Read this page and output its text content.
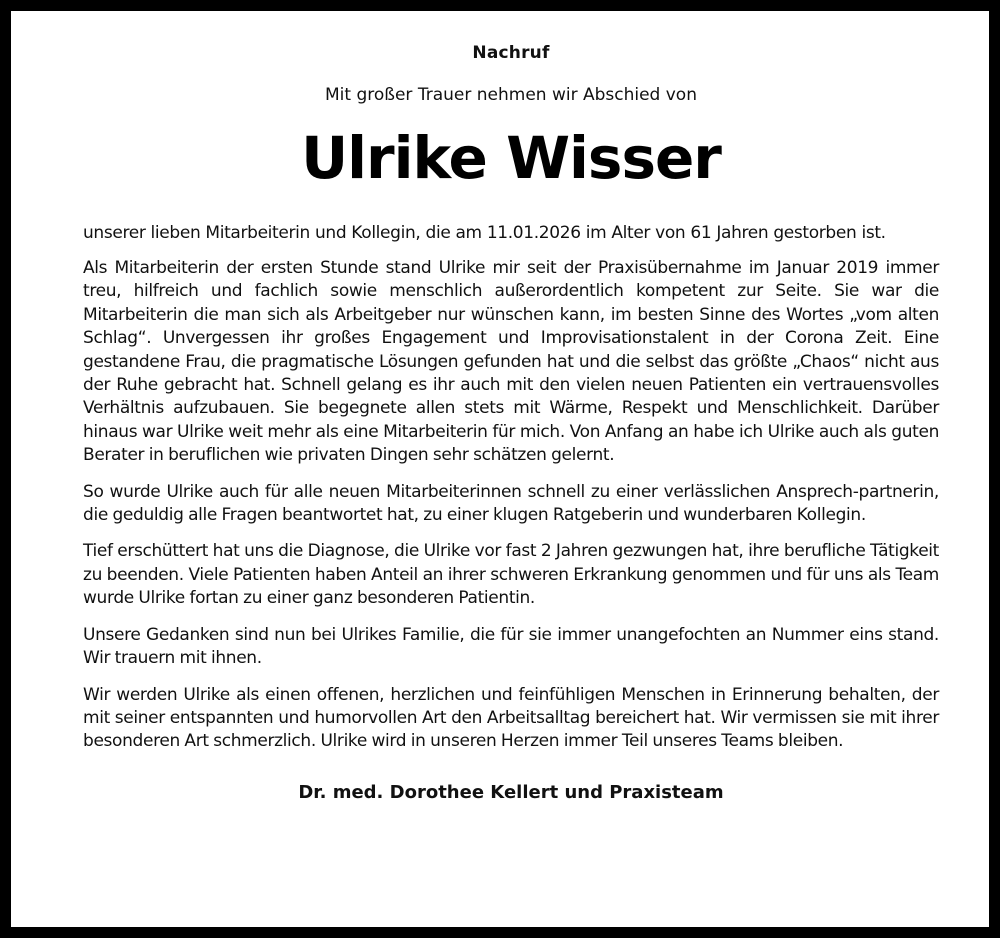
Nachruf
Mit großer Trauer nehmen wir Abschied von
Ulrike Wisser
unserer lieben Mitarbeiterin und Kollegin, die am 11.01.2026 im Alter von 61 Jahren gestorben ist.

Als Mitarbeiterin der ersten Stunde stand Ulrike mir seit der Praxisübernahme im Januar 2019 immer treu, hilfreich und fachlich sowie menschlich außerordentlich kompetent zur Seite. Sie war die Mitarbeiterin die man sich als Arbeitgeber nur wünschen kann, im besten Sinne des Wortes „vom alten Schlag“. Unvergessen ihr großes Engagement und Improvisationstalent in der Corona Zeit. Eine gestandene Frau, die pragmatische Lösungen gefunden hat und die selbst das größte „Chaos“ nicht aus der Ruhe gebracht hat. Schnell gelang es ihr auch mit den vielen neuen Patienten ein vertrauensvolles Verhältnis aufzubauen. Sie begegnete allen stets mit Wärme, Respekt und Menschlichkeit. Darüber hinaus war Ulrike weit mehr als eine Mitarbeiterin für mich. Von Anfang an habe ich Ulrike auch als guten Berater in beruflichen wie privaten Dingen sehr schätzen gelernt.

So wurde Ulrike auch für alle neuen Mitarbeiterinnen schnell zu einer verlässlichen Ansprech-partnerin, die geduldig alle Fragen beantwortet hat, zu einer klugen Ratgeberin und wunderbaren Kollegin.

Tief erschüttert hat uns die Diagnose, die Ulrike vor fast 2 Jahren gezwungen hat, ihre berufliche Tätigkeit zu beenden. Viele Patienten haben Anteil an ihrer schweren Erkrankung genommen und für uns als Team wurde Ulrike fortan zu einer ganz besonderen Patientin.

Unsere Gedanken sind nun bei Ulrikes Familie, die für sie immer unangefochten an Nummer eins stand. Wir trauern mit ihnen.

Wir werden Ulrike als einen offenen, herzlichen und feinfühligen Menschen in Erinnerung behalten, der mit seiner entspannten und humorvollen Art den Arbeitsalltag bereichert hat. Wir vermissen sie mit ihrer besonderen Art schmerzlich. Ulrike wird in unseren Herzen immer Teil unseres Teams bleiben.

Dr. med. Dorothee Kellert und Praxisteam
